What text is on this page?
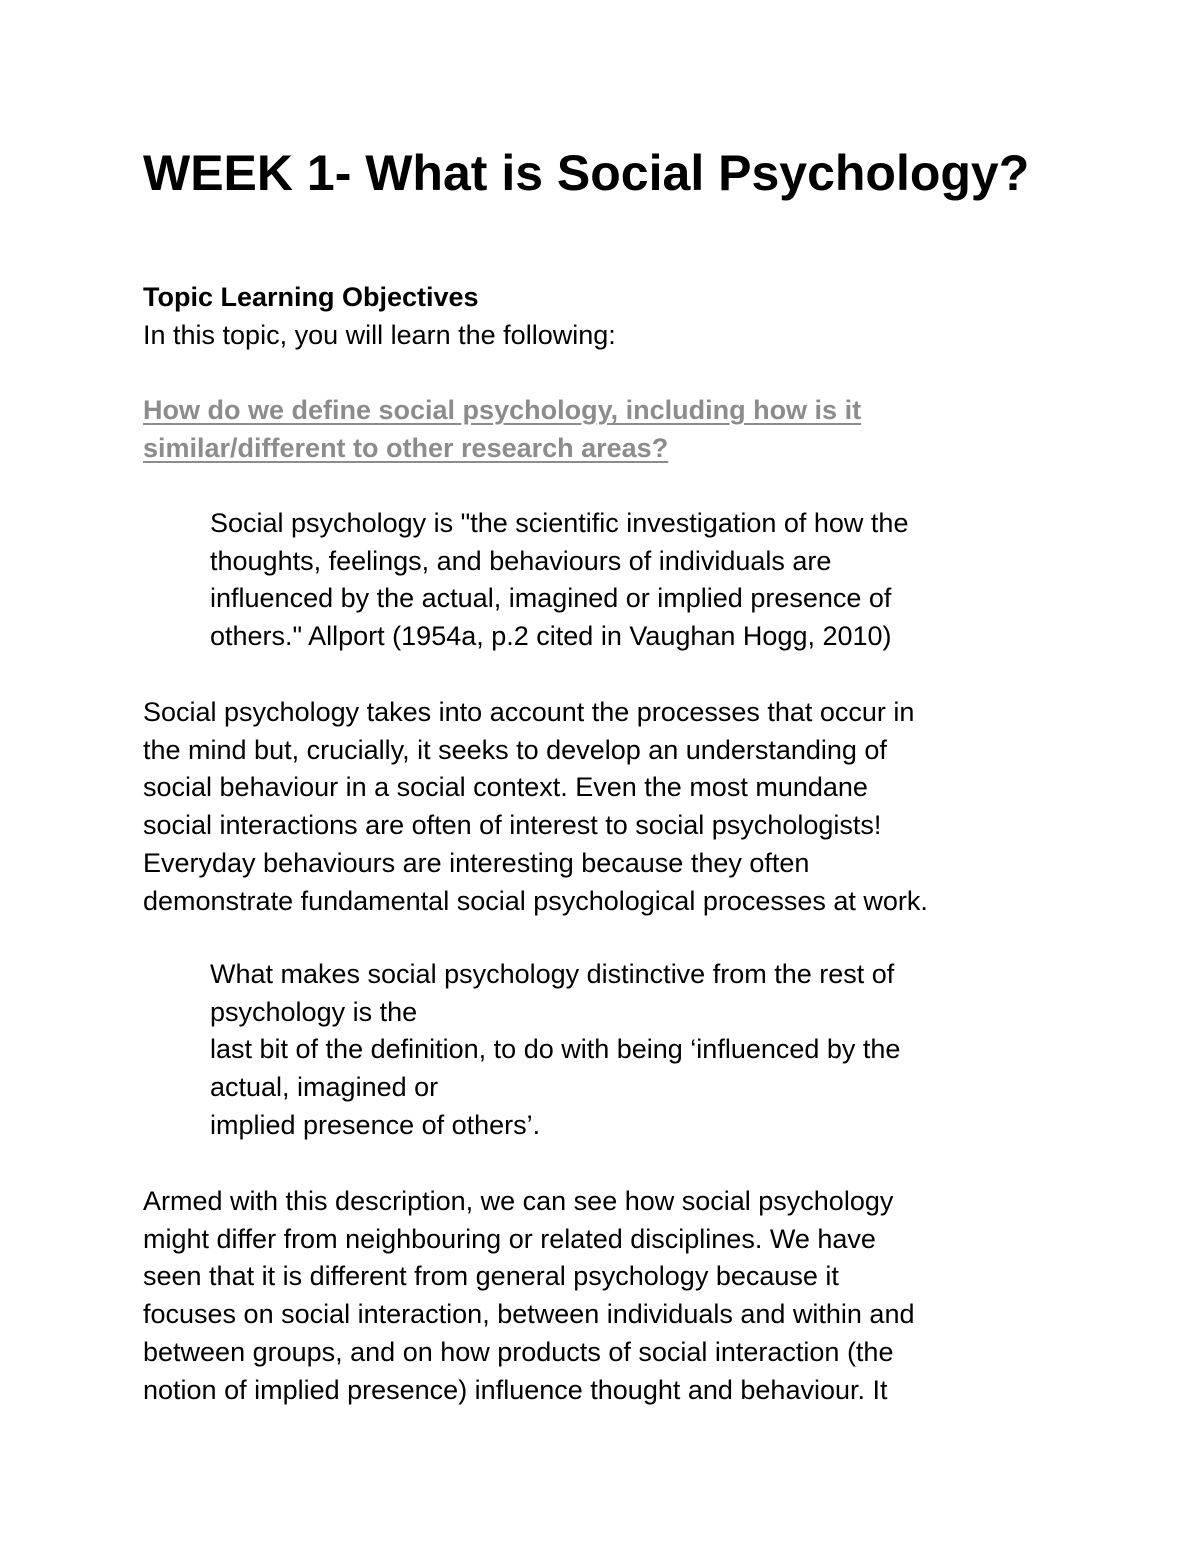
WEEK 1- What is Social Psychology?
Topic Learning Objectives

In this topic, you will learn the following:

How do we define social psychology, including how is it
similar/different to other research areas?

Social psychology is "the scientific investigation of how the
thoughts, feelings, and behaviours of individuals are
influenced by the actual, imagined or implied presence of
others." Allport (1954a, p.2 cited in Vaughan Hogg, 2010)

Social psychology takes into account the processes that occur in
the mind but, crucially, it seeks to develop an understanding of
social behaviour in a social context. Even the most mundane
social interactions are often of interest to social psychologists!
Everyday behaviours are interesting because they often
demonstrate fundamental social psychological processes at work.

What makes social psychology distinctive from the rest of
psychology is the
last bit of the definition, to do with being ‘influenced by the
actual, imagined or
implied presence of others’.

Armed with this description, we can see how social psychology
might differ from neighbouring or related disciplines. We have
seen that it is different from general psychology because it
focuses on social interaction, between individuals and within and
between groups, and on how products of social interaction (the
notion of implied presence) influence thought and behaviour. It
